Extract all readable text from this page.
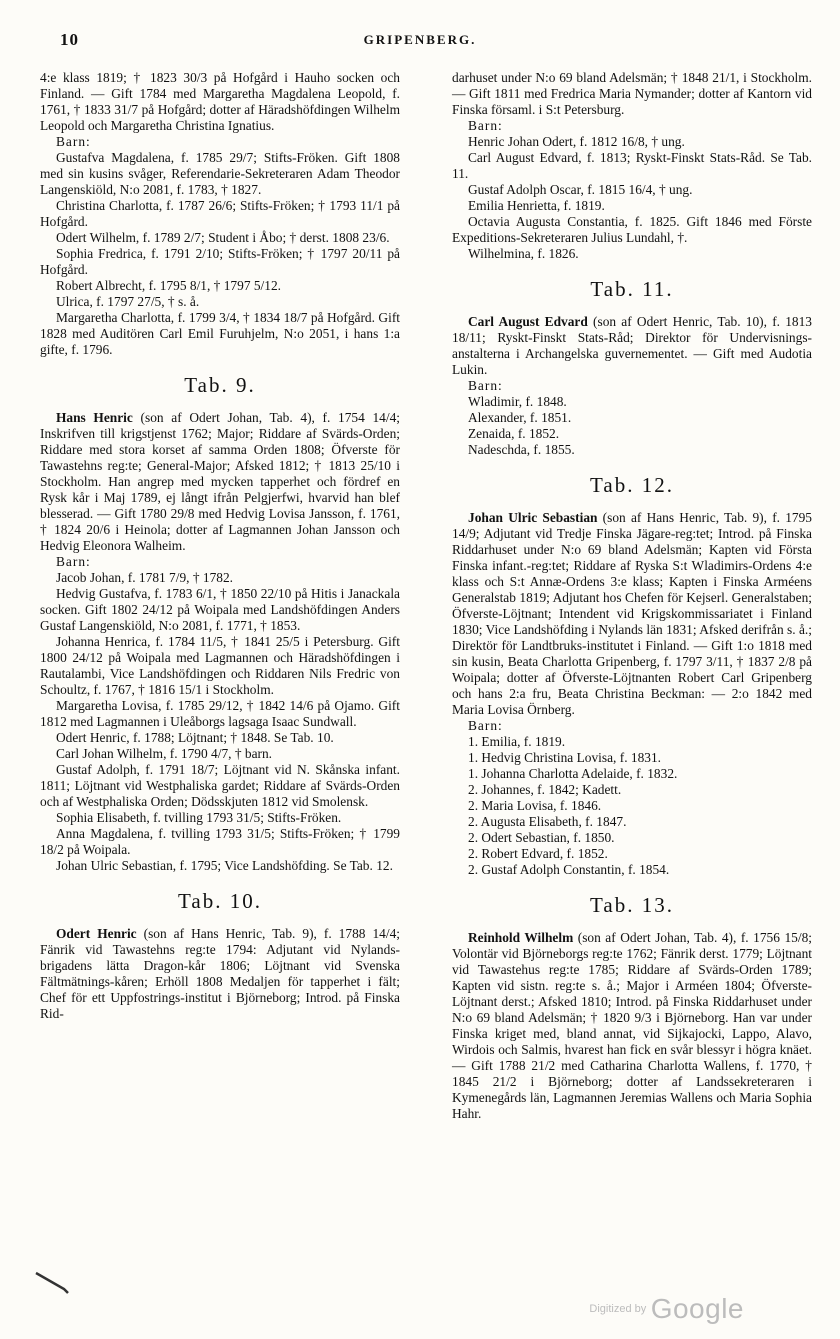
10	GRIPENBERG.

4:e klass 1819; † 1823 30/3 på Hofgård i Hauho socken och Finland. — Gift 1784 med Margaretha Magdalena Leopold, f. 1761, † 1833 31/7 på Hofgård; dotter af Häradshöfdingen Wilhelm Leopold och Margaretha Christina Ignatius.

Barn:

Gustafva Magdalena, f. 1785 29/7; Stifts-Fröken. Gift 1808 med sin kusins svåger, Referendarie-Sekreteraren Adam Theodor Langenskiöld, N:o 2081, f. 1783, † 1827.

Christina Charlotta, f. 1787 26/6; Stifts-Fröken; † 1793 11/1 på Hofgård.

Odert Wilhelm, f. 1789 2/7; Student i Åbo; † derst. 1808 23/6.

Sophia Fredrica, f. 1791 2/10; Stifts-Fröken; † 1797 20/11 på Hofgård.

Robert Albrecht, f. 1795 8/1, † 1797 5/12.

Ulrica, f. 1797 27/5, † s. å.

Margaretha Charlotta, f. 1799 3/4, † 1834 18/7 på Hofgård. Gift 1828 med Auditören Carl Emil Furuhjelm, N:o 2051, i hans 1:a gifte, f. 1796.

Tab. 9.

Hans Henric (son af Odert Johan, Tab. 4), f. 1754 14/4; Inskrifven till krigstjenst 1762; Major; Riddare af Svärds-Orden; Riddare med stora korset af samma Orden 1808; Öfverste för Tawastehns reg:te; General-Major; Afsked 1812; † 1813 25/10 i Stockholm. Han angrep med mycken tapperhet och fördref en Rysk kår i Maj 1789, ej långt ifrån Pelgjerfwi, hvarvid han blef blesserad. — Gift 1780 29/8 med Hedvig Lovisa Jansson, f. 1761, † 1824 20/6 i Heinola; dotter af Lagmannen Johan Jansson och Hedvig Eleonora Walheim.

Barn:

Jacob Johan, f. 1781 7/9, † 1782.

Hedvig Gustafva, f. 1783 6/1, † 1850 22/10 på Hitis i Janackala socken. Gift 1802 24/12 på Woipala med Landshöfdingen Anders Gustaf Langenskiöld, N:o 2081, f. 1771, † 1853.

Johanna Henrica, f. 1784 11/5, † 1841 25/5 i Petersburg. Gift 1800 24/12 på Woipala med Lagmannen och Häradshöfdingen i Rautalambi, Vice Landshöfdingen och Riddaren Nils Fredric von Schoultz, f. 1767, † 1816 15/1 i Stockholm.

Margaretha Lovisa, f. 1785 29/12, † 1842 14/6 på Ojamo. Gift 1812 med Lagmannen i Uleåborgs lagsaga Isaac Sundwall.

Odert Henric, f. 1788; Löjtnant; † 1848. Se Tab. 10.

Carl Johan Wilhelm, f. 1790 4/7, † barn.

Gustaf Adolph, f. 1791 18/7; Löjtnant vid N. Skånska infant. 1811; Löjtnant vid Westphaliska gardet; Riddare af Svärds-Orden och af Westphaliska Orden; Dödsskjuten 1812 vid Smolensk.

Sophia Elisabeth, f. tvilling 1793 31/5; Stifts-Fröken.

Anna Magdalena, f. tvilling 1793 31/5; Stifts-Fröken; † 1799 18/2 på Woipala.

Johan Ulric Sebastian, f. 1795; Vice Landshöfding. Se Tab. 12.

Tab. 10.

Odert Henric (son af Hans Henric, Tab. 9), f. 1788 14/4; Fänrik vid Tawastehns reg:te 1794: Adjutant vid Nylands-brigadens lätta Dragon-kår 1806; Löjtnant vid Svenska Fältmätnings-kåren; Erhöll 1808 Medaljen för tapperhet i fält; Chef för ett Uppfostrings-institut i Björneborg; Introd. på Finska Rid-

darhuset under N:o 69 bland Adelsmän; † 1848 21/1, i Stockholm. — Gift 1811 med Fredrica Maria Nymander; dotter af Kantorn vid Finska församl. i S:t Petersburg.

Barn:

Henric Johan Odert, f. 1812 16/8, † ung.

Carl August Edvard, f. 1813; Ryskt-Finskt Stats-Råd. Se Tab. 11.

Gustaf Adolph Oscar, f. 1815 16/4, † ung.

Emilia Henrietta, f. 1819.

Octavia Augusta Constantia, f. 1825. Gift 1846 med Förste Expeditions-Sekreteraren Julius Lundahl, †.

Wilhelmina, f. 1826.

Tab. 11.

Carl August Edvard (son af Odert Henric, Tab. 10), f. 1813 18/11; Ryskt-Finskt Stats-Råd; Direktor för Undervisnings-anstalterna i Archangelska guvernementet. — Gift med Audotia Lukin.

Barn:

Wladimir, f. 1848.

Alexander, f. 1851.

Zenaida, f. 1852.

Nadeschda, f. 1855.

Tab. 12.

Johan Ulric Sebastian (son af Hans Henric, Tab. 9), f. 1795 14/9; Adjutant vid Tredje Finska Jägare-reg:tet; Introd. på Finska Riddarhuset under N:o 69 bland Adelsmän; Kapten vid Första Finska infant.-reg:tet; Riddare af Ryska S:t Wladimirs-Ordens 4:e klass och S:t Annæ-Ordens 3:e klass; Kapten i Finska Arméens Generalstab 1819; Adjutant hos Chefen för Kejserl. Generalstaben; Öfverste-Löjtnant; Intendent vid Krigskommissariatet i Finland 1830; Vice Landshöfding i Nylands län 1831; Afsked derifrån s. å.; Direktör för Landtbruks-institutet i Finland. — Gift 1:o 1818 med sin kusin, Beata Charlotta Gripenberg, f. 1797 3/11, † 1837 2/8 på Woipala; dotter af Öfverste-Löjtnanten Robert Carl Gripenberg och hans 2:a fru, Beata Christina Beckman: — 2:o 1842 med Maria Lovisa Örnberg.

Barn:

1. Emilia, f. 1819.

1. Hedvig Christina Lovisa, f. 1831.

1. Johanna Charlotta Adelaide, f. 1832.

2. Johannes, f. 1842; Kadett.

2. Maria Lovisa, f. 1846.

2. Augusta Elisabeth, f. 1847.

2. Odert Sebastian, f. 1850.

2. Robert Edvard, f. 1852.

2. Gustaf Adolph Constantin, f. 1854.

Tab. 13.

Reinhold Wilhelm (son af Odert Johan, Tab. 4), f. 1756 15/8; Volontär vid Björneborgs reg:te 1762; Fänrik derst. 1779; Löjtnant vid Tawastehus reg:te 1785; Riddare af Svärds-Orden 1789; Kapten vid sistn. reg:te s. å.; Major i Arméen 1804; Öfverste-Löjtnant derst.; Afsked 1810; Introd. på Finska Riddarhuset under N:o 69 bland Adelsmän; † 1820 9/3 i Björneborg. Han var under Finska kriget med, bland annat, vid Sijkajocki, Lappo, Alavo, Wirdois och Salmis, hvarest han fick en svår blessyr i högra knäet. — Gift 1788 21/2 med Catharina Charlotta Wallens, f. 1770, † 1845 21/2 i Björneborg; dotter af Landssekreteraren i Kymenegårds län, Lagmannen Jeremias Wallens och Maria Sophia Hahr.

Digitized by Google
